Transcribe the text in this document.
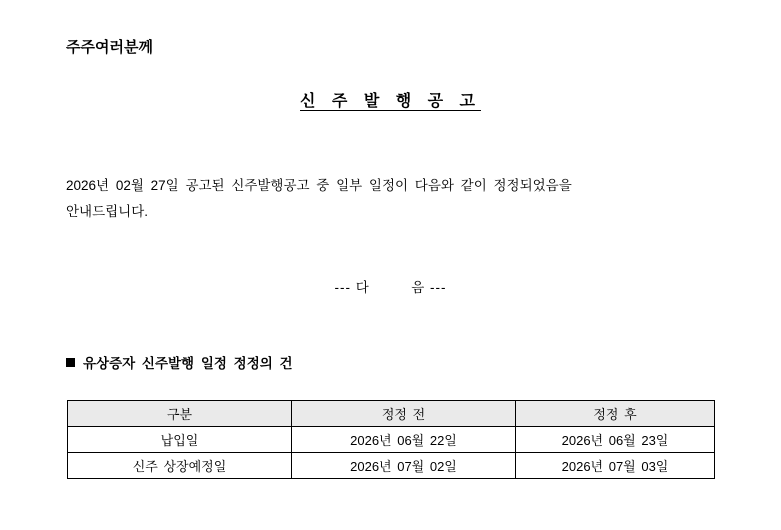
주주여러분께
신 주 발 행 공 고
2026년 02월 27일 공고된 신주발행공고 중 일부 일정이 다음와 같이 정정되었음을
안내드립니다.
--- 다	음 ---
유상증자 신주발행 일정 정정의 건
구분	정정 전	정정 후
납입일	2026년 06월 22일	2026년 06월 23일
신주 상장예정일	2026년 07월 02일	2026년 07월 03일
